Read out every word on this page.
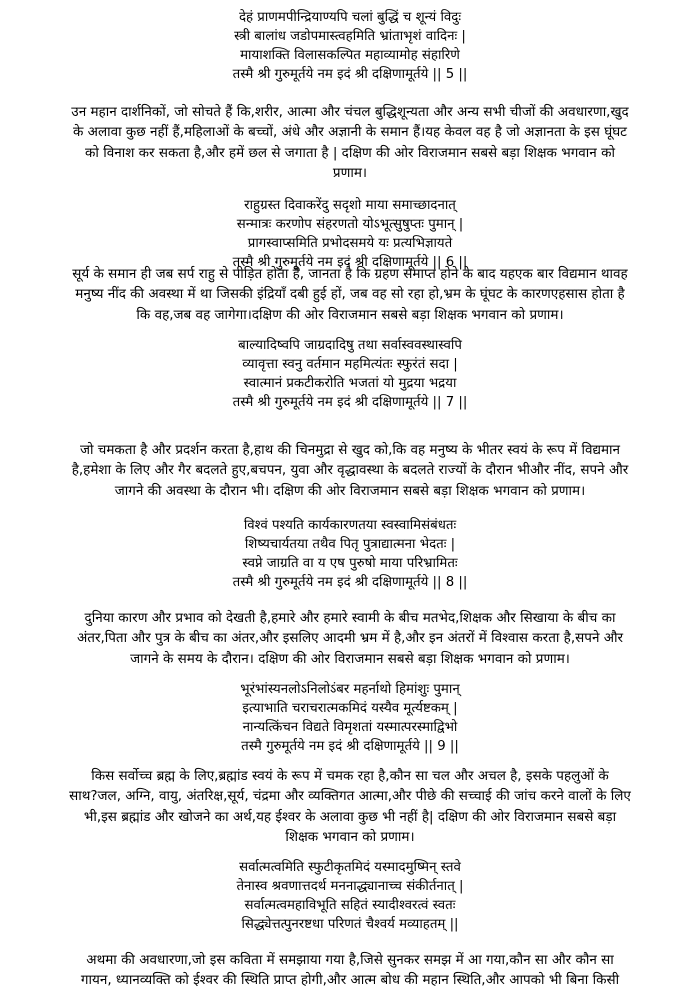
देहं प्राणमपीन्द्रियाण्यपि चलां बुद्धिं च शून्यं विदुः
स्त्री बालांध जडोपमास्त्वहमिति भ्रांताभृशं वादिनः |
मायाशक्ति विलासकल्पित महाव्यामोह संहारिणे
तस्मै श्री गुरुमूर्तये नम इदं श्री दक्षिणामूर्तये || 5 ||
उन महान दार्शनिकों, जो सोचते हैं कि,शरीर, आत्मा और चंचल बुद्धिशून्यता और अन्य सभी चीजों की अवधारणा,खुद
के अलावा कुछ नहीं हैं,महिलाओं के बच्चों, अंधे और अज्ञानी के समान हैं।यह केवल वह है जो अज्ञानता के इस घूंघट
को विनाश कर सकता है,और हमें छल से जगाता है | दक्षिण की ओर विराजमान सबसे बड़ा शिक्षक भगवान को
प्रणाम।
राहुग्रस्त दिवाकरेंदु सदृशो माया समाच्छादनात्
सन्मात्रः करणोप संहरणतो योऽभूत्सुषुप्तः पुमान् |
प्रागस्वाप्समिति प्रभोदसमये यः प्रत्यभिज्ञायते
तस्मै श्री गुरुमूर्तये नम इदं श्री दक्षिणामूर्तये || 6 ||
सूर्य के समान ही जब सर्प राहु से पीड़ित होता है, जानता है कि ग्रहण समाप्त होने के बाद यहएक बार विद्यमान थावह
मनुष्य नींद की अवस्था में था जिसकी इंद्रियाँ दबी हुई हों, जब वह सो रहा हो,भ्रम के घूंघट के कारणएहसास होता है
कि वह,जब वह जागेगा।दक्षिण की ओर विराजमान सबसे बड़ा शिक्षक भगवान को प्रणाम।
बाल्यादिष्वपि जाग्रदादिषु तथा सर्वास्ववस्थास्वपि
व्यावृत्ता स्वनु वर्तमान महमित्यंतः स्फुरंतं सदा |
स्वात्मानं प्रकटीकरोति भजतां यो मुद्रया भद्रया
तस्मै श्री गुरुमूर्तये नम इदं श्री दक्षिणामूर्तये || 7 ||
जो चमकता है और प्रदर्शन करता है,हाथ की चिनमुद्रा से खुद को,कि वह मनुष्य के भीतर स्वयं के रूप में विद्यमान
है,हमेशा के लिए और गैर बदलते हुए,बचपन, युवा और वृद्धावस्था के बदलते राज्यों के दौरान भीऔर नींद, सपने और
जागने की अवस्था के दौरान भी। दक्षिण की ओर विराजमान सबसे बड़ा शिक्षक भगवान को प्रणाम।
विश्वं पश्यति कार्यकारणतया स्वस्वामिसंबंधतः
शिष्यचार्यतया तथैव पितृ पुत्राद्यात्मना भेदतः |
स्वप्ने जाग्रति वा य एष पुरुषो माया परिभ्रामितः
तस्मै श्री गुरुमूर्तये नम इदं श्री दक्षिणामूर्तये || 8 ||
दुनिया कारण और प्रभाव को देखती है,हमारे और हमारे स्वामी के बीच मतभेद,शिक्षक और सिखाया के बीच का
अंतर,पिता और पुत्र के बीच का अंतर,और इसलिए आदमी भ्रम में है,और इन अंतरों में विश्वास करता है,सपने और
जागने के समय के दौरान। दक्षिण की ओर विराजमान सबसे बड़ा शिक्षक भगवान को प्रणाम।
भूरंभांस्यनलोऽनिलोऽंबर महर्नाथो हिमांशुः पुमान्
इत्याभाति चराचरात्मकमिदं यस्यैव मूर्त्यष्टकम् |
नान्यत्किंचन विद्यते विमृशतां यस्मात्परस्माद्विभो
तस्मै गुरुमूर्तये नम इदं श्री दक्षिणामूर्तये || 9 ||
किस सर्वोच्च ब्रह्म के लिए,ब्रह्मांड स्वयं के रूप में चमक रहा है,कौन सा चल और अचल है, इसके पहलुओं के
साथ?जल, अग्नि, वायु, अंतरिक्ष,सूर्य, चंद्रमा और व्यक्तिगत आत्मा,और पीछे की सच्चाई की जांच करने वालों के लिए
भी,इस ब्रह्मांड और खोजने का अर्थ,यह ईश्वर के अलावा कुछ भी नहीं है| दक्षिण की ओर विराजमान सबसे बड़ा
शिक्षक भगवान को प्रणाम।
सर्वात्मत्वमिति स्फुटीकृतमिदं यस्मादमुष्मिन् स्तवे
तेनास्व श्रवणात्तदर्थ मननाद्ध्यानाच्च संकीर्तनात् |
सर्वात्मत्वमहाविभूति सहितं स्यादीश्वरत्वं स्वतः
सिद्ध्येत्तत्पुनरष्टधा परिणतं चैश्वर्य मव्याहतम् ||
अथमा की अवधारणा,जो इस कविता में समझाया गया है,जिसे सुनकर समझ में आ गया,कौन सा और कौन सा
गायन, ध्यानव्यक्ति को ईश्वर की स्थिति प्राप्त होगी,और आत्म बोध की महान स्थिति,और आपको भी बिना किसी
